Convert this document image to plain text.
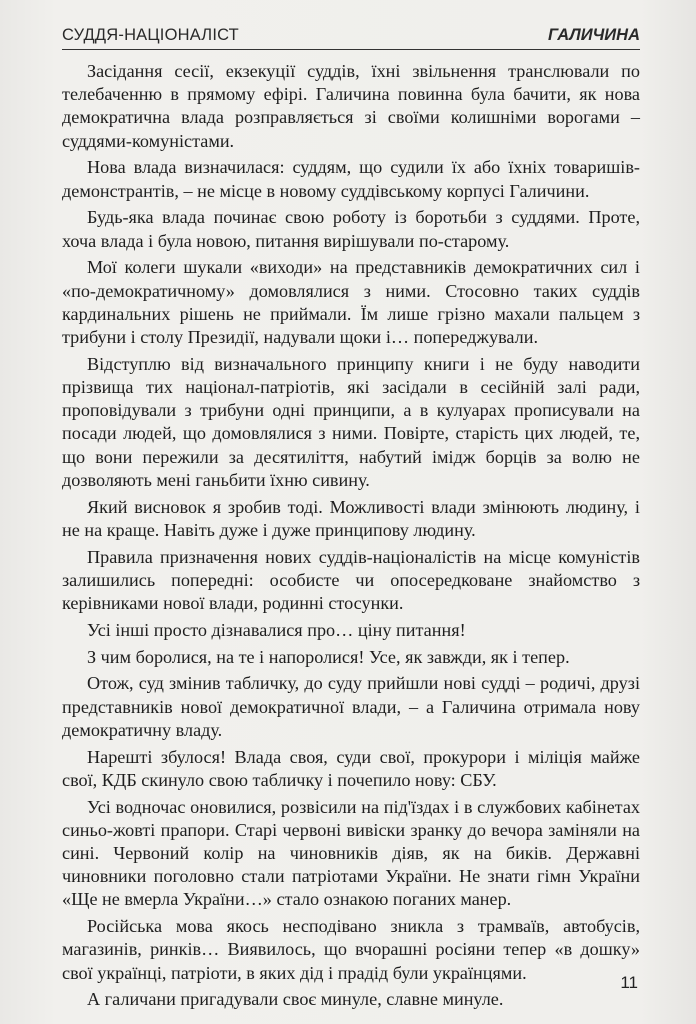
СУДДЯ-НАЦІОНАЛІСТ	ГАЛИЧИНА

Засідання сесії, екзекуції суддів, їхні звільнення транслювали по телебаченню в прямому ефірі. Галичина повинна була бачити, як нова демократична влада розправляється зі своїми колишніми ворогами – суддями-комуністами.

Нова влада визначилася: суддям, що судили їх або їхніх товаришів-демонстрантів, – не місце в новому суддівському корпусі Галичини.

Будь-яка влада починає свою роботу із боротьби з суддями. Проте, хоча влада і була новою, питання вирішували по-старому.

Мої колеги шукали «виходи» на представників демократичних сил і «по-демократичному» домовлялися з ними. Стосовно таких суддів кардинальних рішень не приймали. Їм лише грізно махали пальцем з трибуни і столу Президії, надували щоки і… попереджували.

Відступлю від визначального принципу книги і не буду наводити прізвища тих націонал-патріотів, які засідали в сесійній залі ради, проповідували з трибуни одні принципи, а в кулуарах прописували на посади людей, що домовлялися з ними. Повірте, старість цих людей, те, що вони пережили за десятиліття, набутий імідж борців за волю не дозволяють мені ганьбити їхню сивину.

Який висновок я зробив тоді. Можливості влади змінюють людину, і не на краще. Навіть дуже і дуже принципову людину.

Правила призначення нових суддів-націоналістів на місце комуністів залишились попередні: особисте чи опосередковане знайомство з керівниками нової влади, родинні стосунки.

Усі інші просто дізнавалися про… ціну питання!

З чим боролися, на те і напоролися! Усе, як завжди, як і тепер.

Отож, суд змінив табличку, до суду прийшли нові судді – родичі, друзі представників нової демократичної влади, – а Галичина отримала нову демократичну владу.

Нарешті збулося! Влада своя, суди свої, прокурори і міліція майже свої, КДБ скинуло свою табличку і почепило нову: СБУ.

Усі водночас оновилися, розвісили на під'їздах і в службових кабінетах синьо-жовті прапори. Старі червоні вивіски зранку до вечора заміняли на сині. Червоний колір на чиновників діяв, як на биків. Державні чиновники поголовно стали патріотами України. Не знати гімн України «Ще не вмерла України…» стало ознакою поганих манер.

Російська мова якось несподівано зникла з трамваїв, автобусів, магазинів, ринків… Виявилось, що вчорашні росіяни тепер «в дошку» свої українці, патріоти, в яких дід і прадід були українцями.

А галичани пригадували своє минуле, славне минуле.

11
